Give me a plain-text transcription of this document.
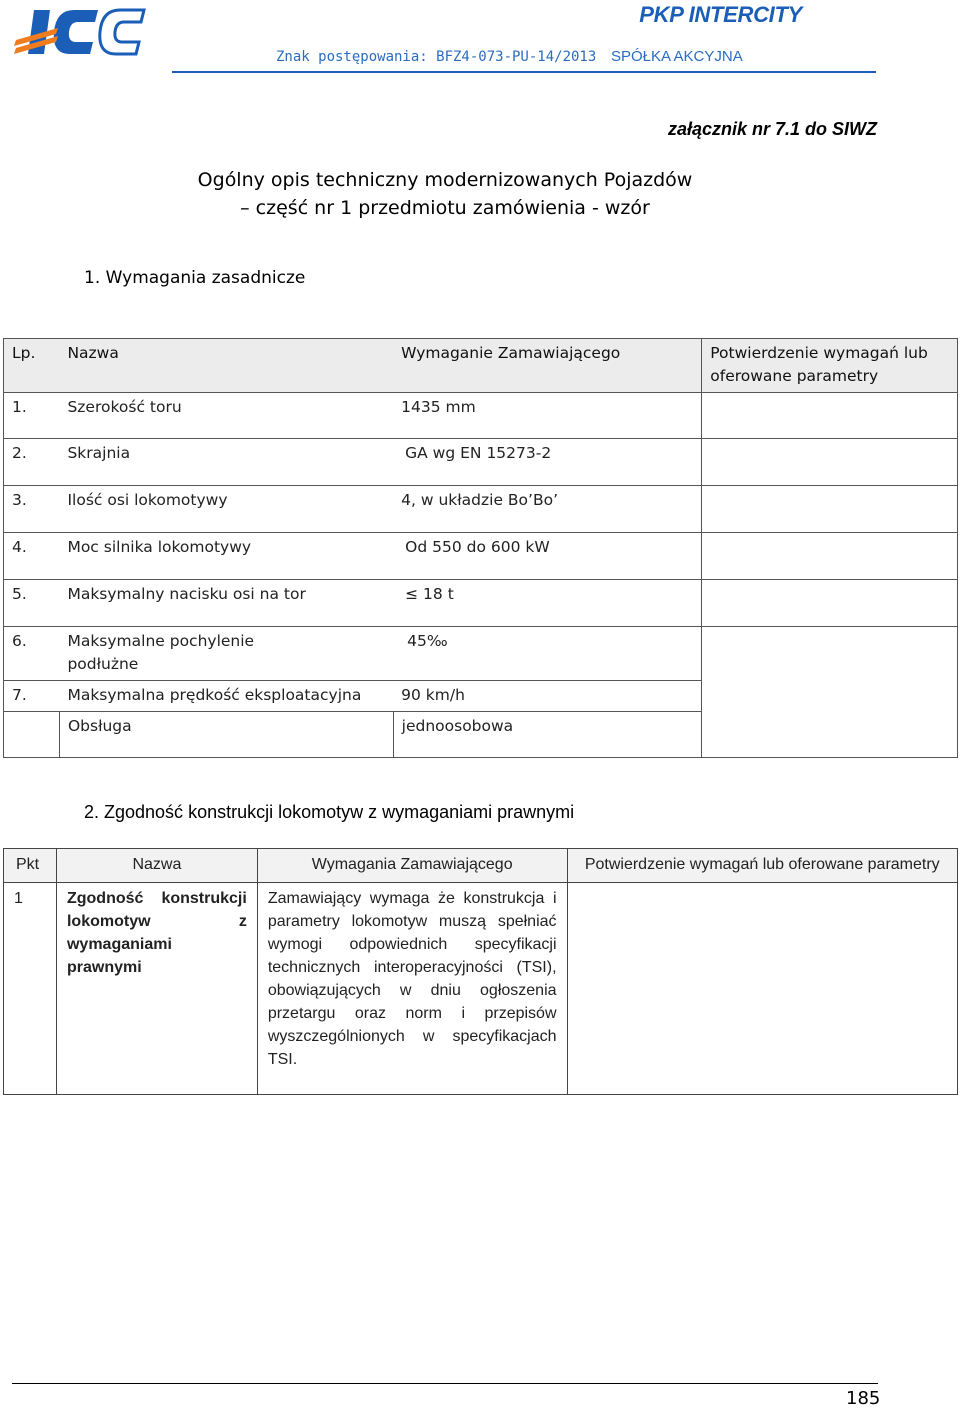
PKP INTERCITY
Znak postępowania: BFZ4-073-PU-14/2013 SPÓŁKA AKCYJNA
załącznik nr 7.1 do SIWZ
Ogólny opis techniczny modernizowanych Pojazdów
– część nr 1 przedmiotu zamówienia - wzór
1. Wymagania zasadnicze
Lp.	Nazwa	Wymaganie Zamawiającego	Potwierdzenie wymagań lub oferowane parametry
1.	Szerokość toru	1435 mm	
2.	Skrajnia	GA wg EN 15273-2	
3.	Ilość osi lokomotywy	4, w układzie Bo’Bo’	
4.	Moc silnika lokomotywy	Od 550 do 600 kW	
5.	Maksymalny nacisku osi na tor	≤ 18 t	
6.	Maksymalne pochylenie podłużne	45‰	
7.	Maksymalna prędkość eksploatacyjna	90 km/h	
	Obsługa	jednoosobowa	
2. Zgodność konstrukcji lokomotyw z wymaganiami prawnymi
Pkt	Nazwa	Wymagania Zamawiającego	Potwierdzenie wymagań lub oferowane parametry
1	Zgodność konstrukcji lokomotyw z wymaganiami prawnymi	Zamawiający wymaga że konstrukcja i parametry lokomotyw muszą spełniać wymogi odpowiednich specyfikacji technicznych interoperacyjności (TSI), obowiązujących w dniu ogłoszenia przetargu oraz norm i przepisów wyszczególnionych w specyfikacjach TSI.	
185
